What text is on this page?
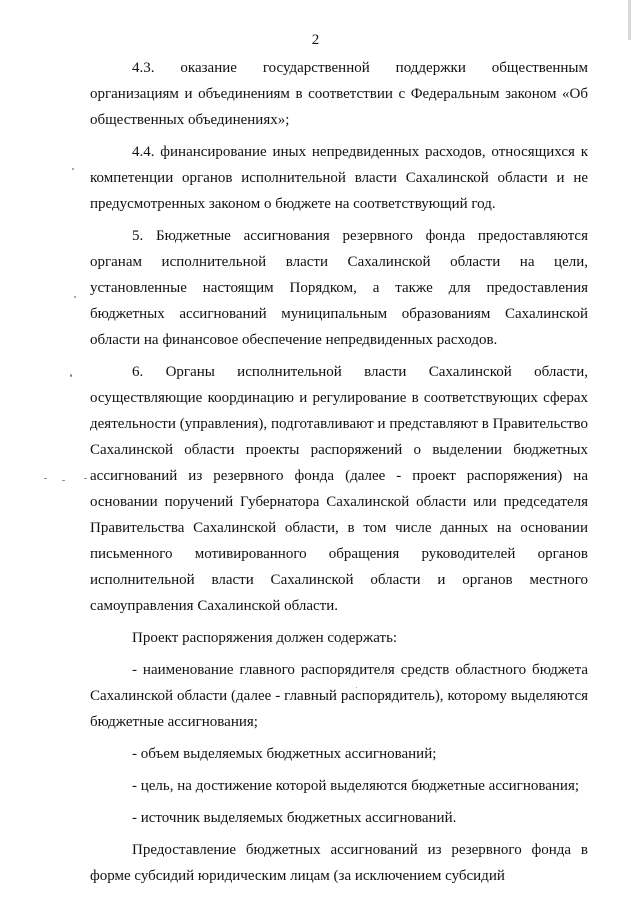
2

4.3. оказание государственной поддержки общественным организациям и объединениям в соответствии с Федеральным законом «Об общественных объединениях»;

4.4. финансирование иных непредвиденных расходов, относящихся к компетенции органов исполнительной власти Сахалинской области и не предусмотренных законом о бюджете на соответствующий год.

5. Бюджетные ассигнования резервного фонда предоставляются органам исполнительной власти Сахалинской области на цели, установленные настоящим Порядком, а также для предоставления бюджетных ассигнований муниципальным образованиям Сахалинской области на финансовое обеспечение непредвиденных расходов.

6. Органы исполнительной власти Сахалинской области, осуществляющие координацию и регулирование в соответствующих сферах деятельности (управления), подготавливают и представляют в Правительство Сахалинской области проекты распоряжений о выделении бюджетных ассигнований из резервного фонда (далее - проект распоряжения) на основании поручений Губернатора Сахалинской области или председателя Правительства Сахалинской области, в том числе данных на основании письменного мотивированного обращения руководителей органов исполнительной власти Сахалинской области и органов местного самоуправления Сахалинской области.

Проект распоряжения должен содержать:

- наименование главного распорядителя средств областного бюджета Сахалинской области (далее - главный распорядитель), которому выделяются бюджетные ассигнования;

- объем выделяемых бюджетных ассигнований;

- цель, на достижение которой выделяются бюджетные ассигнования;

- источник выделяемых бюджетных ассигнований.

Предоставление бюджетных ассигнований из резервного фонда в форме субсидий юридическим лицам (за исключением субсидий
